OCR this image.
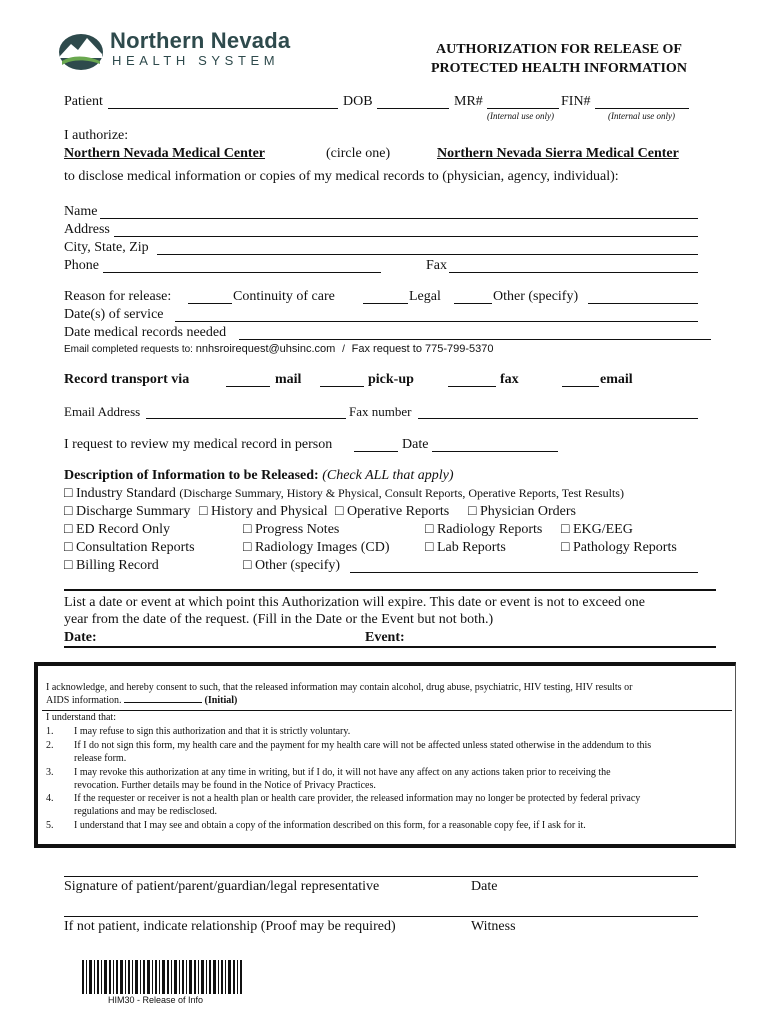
Northern Nevada
HEALTH SYSTEM
AUTHORIZATION FOR RELEASE OF
PROTECTED HEALTH INFORMATION
Patient	DOB	MR#	FIN#
(Internal use only)	(Internal use only)
I authorize:
Northern Nevada Medical Center	(circle one)	Northern Nevada Sierra Medical Center
to disclose medical information or copies of my medical records to (physician, agency, individual):
Name
Address
City, State, Zip
Phone	Fax
Reason for release:	Continuity of care	Legal	Other (specify)
Date(s) of service
Date medical records needed
Email completed requests to: nnhsroirequest@uhsinc.com / Fax request to 775-799-5370
Record transport via	mail	pick-up	fax	email
Email Address	Fax number
I request to review my medical record in person	Date
Description of Information to be Released: (Check ALL that apply)
□ Industry Standard (Discharge Summary, History & Physical, Consult Reports, Operative Reports, Test Results)
□ Discharge Summary □ History and Physical □ Operative Reports □ Physician Orders
□ ED Record Only	□ Progress Notes	□ Radiology Reports □ EKG/EEG
□ Consultation Reports	□ Radiology Images (CD)	□ Lab Reports	□ Pathology Reports
□ Billing Record	□ Other (specify)
List a date or event at which point this Authorization will expire. This date or event is not to exceed one
year from the date of the request. (Fill in the Date or the Event but not both.)
Date:	Event:
I acknowledge, and hereby consent to such, that the released information may contain alcohol, drug abuse, psychiatric, HIV testing, HIV results or
AIDS information.	(Initial)
I understand that:
1. I may refuse to sign this authorization and that it is strictly voluntary.
2. If I do not sign this form, my health care and the payment for my health care will not be affected unless stated otherwise in the addendum to this
release form.
3. I may revoke this authorization at any time in writing, but if I do, it will not have any affect on any actions taken prior to receiving the
revocation. Further details may be found in the Notice of Privacy Practices.
4. If the requester or receiver is not a health plan or health care provider, the released information may no longer be protected by federal privacy
regulations and may be redisclosed.
5. I understand that I may see and obtain a copy of the information described on this form, for a reasonable copy fee, if I ask for it.
Signature of patient/parent/guardian/legal representative	Date
If not patient, indicate relationship (Proof may be required)	Witness
HIM30 - Release of Info
